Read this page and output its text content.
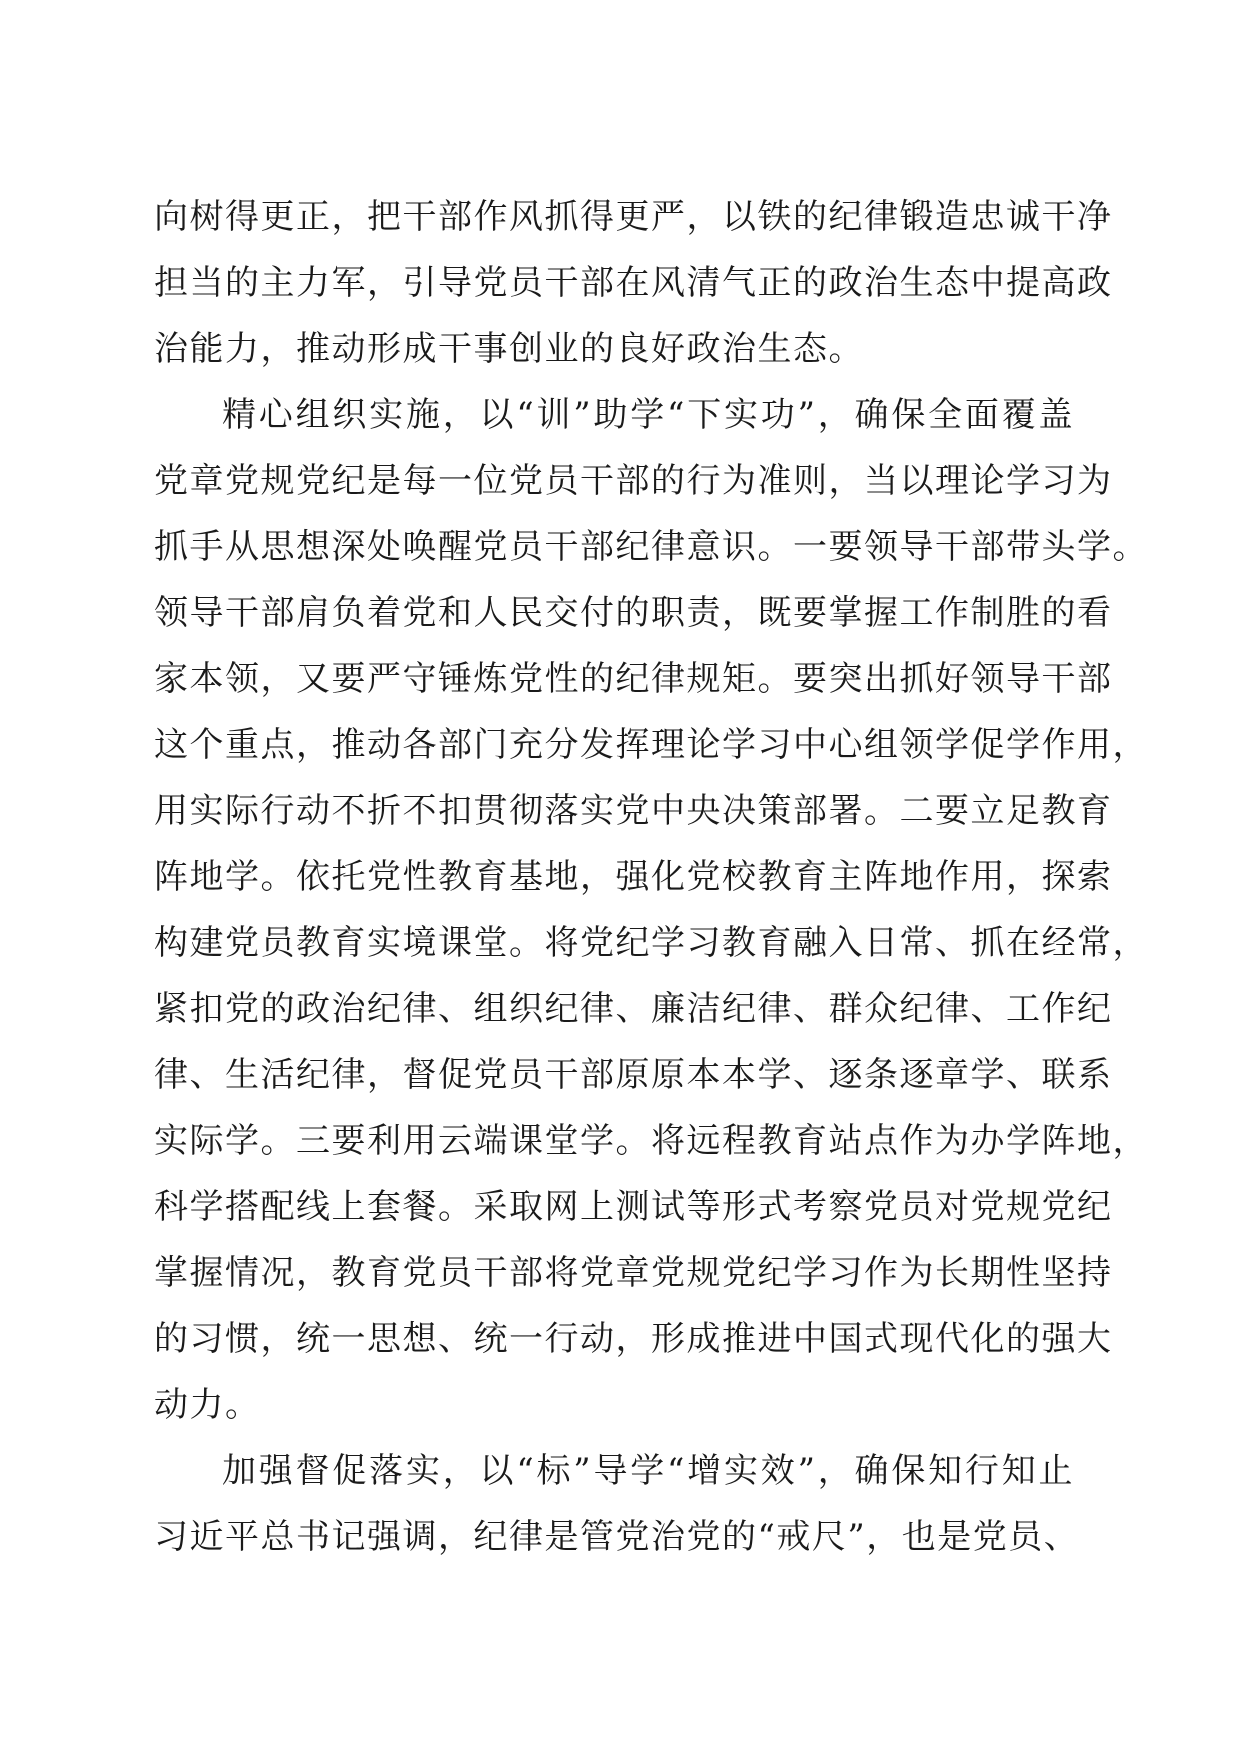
向树得更正，把干部作风抓得更严，以铁的纪律锻造忠诚干净
担当的主力军，引导党员干部在风清气正的政治生态中提高政
治能力，推动形成干事创业的良好政治生态。
精心组织实施，以“训”助学“下实功”，确保全面覆盖
党章党规党纪是每一位党员干部的行为准则，当以理论学习为
抓手从思想深处唤醒党员干部纪律意识。一要领导干部带头学。
领导干部肩负着党和人民交付的职责，既要掌握工作制胜的看
家本领，又要严守锤炼党性的纪律规矩。要突出抓好领导干部
这个重点，推动各部门充分发挥理论学习中心组领学促学作用，
用实际行动不折不扣贯彻落实党中央决策部署。二要立足教育
阵地学。依托党性教育基地，强化党校教育主阵地作用，探索
构建党员教育实境课堂。将党纪学习教育融入日常、抓在经常，
紧扣党的政治纪律、组织纪律、廉洁纪律、群众纪律、工作纪
律、生活纪律，督促党员干部原原本本学、逐条逐章学、联系
实际学。三要利用云端课堂学。将远程教育站点作为办学阵地，
科学搭配线上套餐。采取网上测试等形式考察党员对党规党纪
掌握情况，教育党员干部将党章党规党纪学习作为长期性坚持
的习惯，统一思想、统一行动，形成推进中国式现代化的强大
动力。
加强督促落实，以“标”导学“增实效”，确保知行知止
习近平总书记强调，纪律是管党治党的“戒尺”，也是党员、
